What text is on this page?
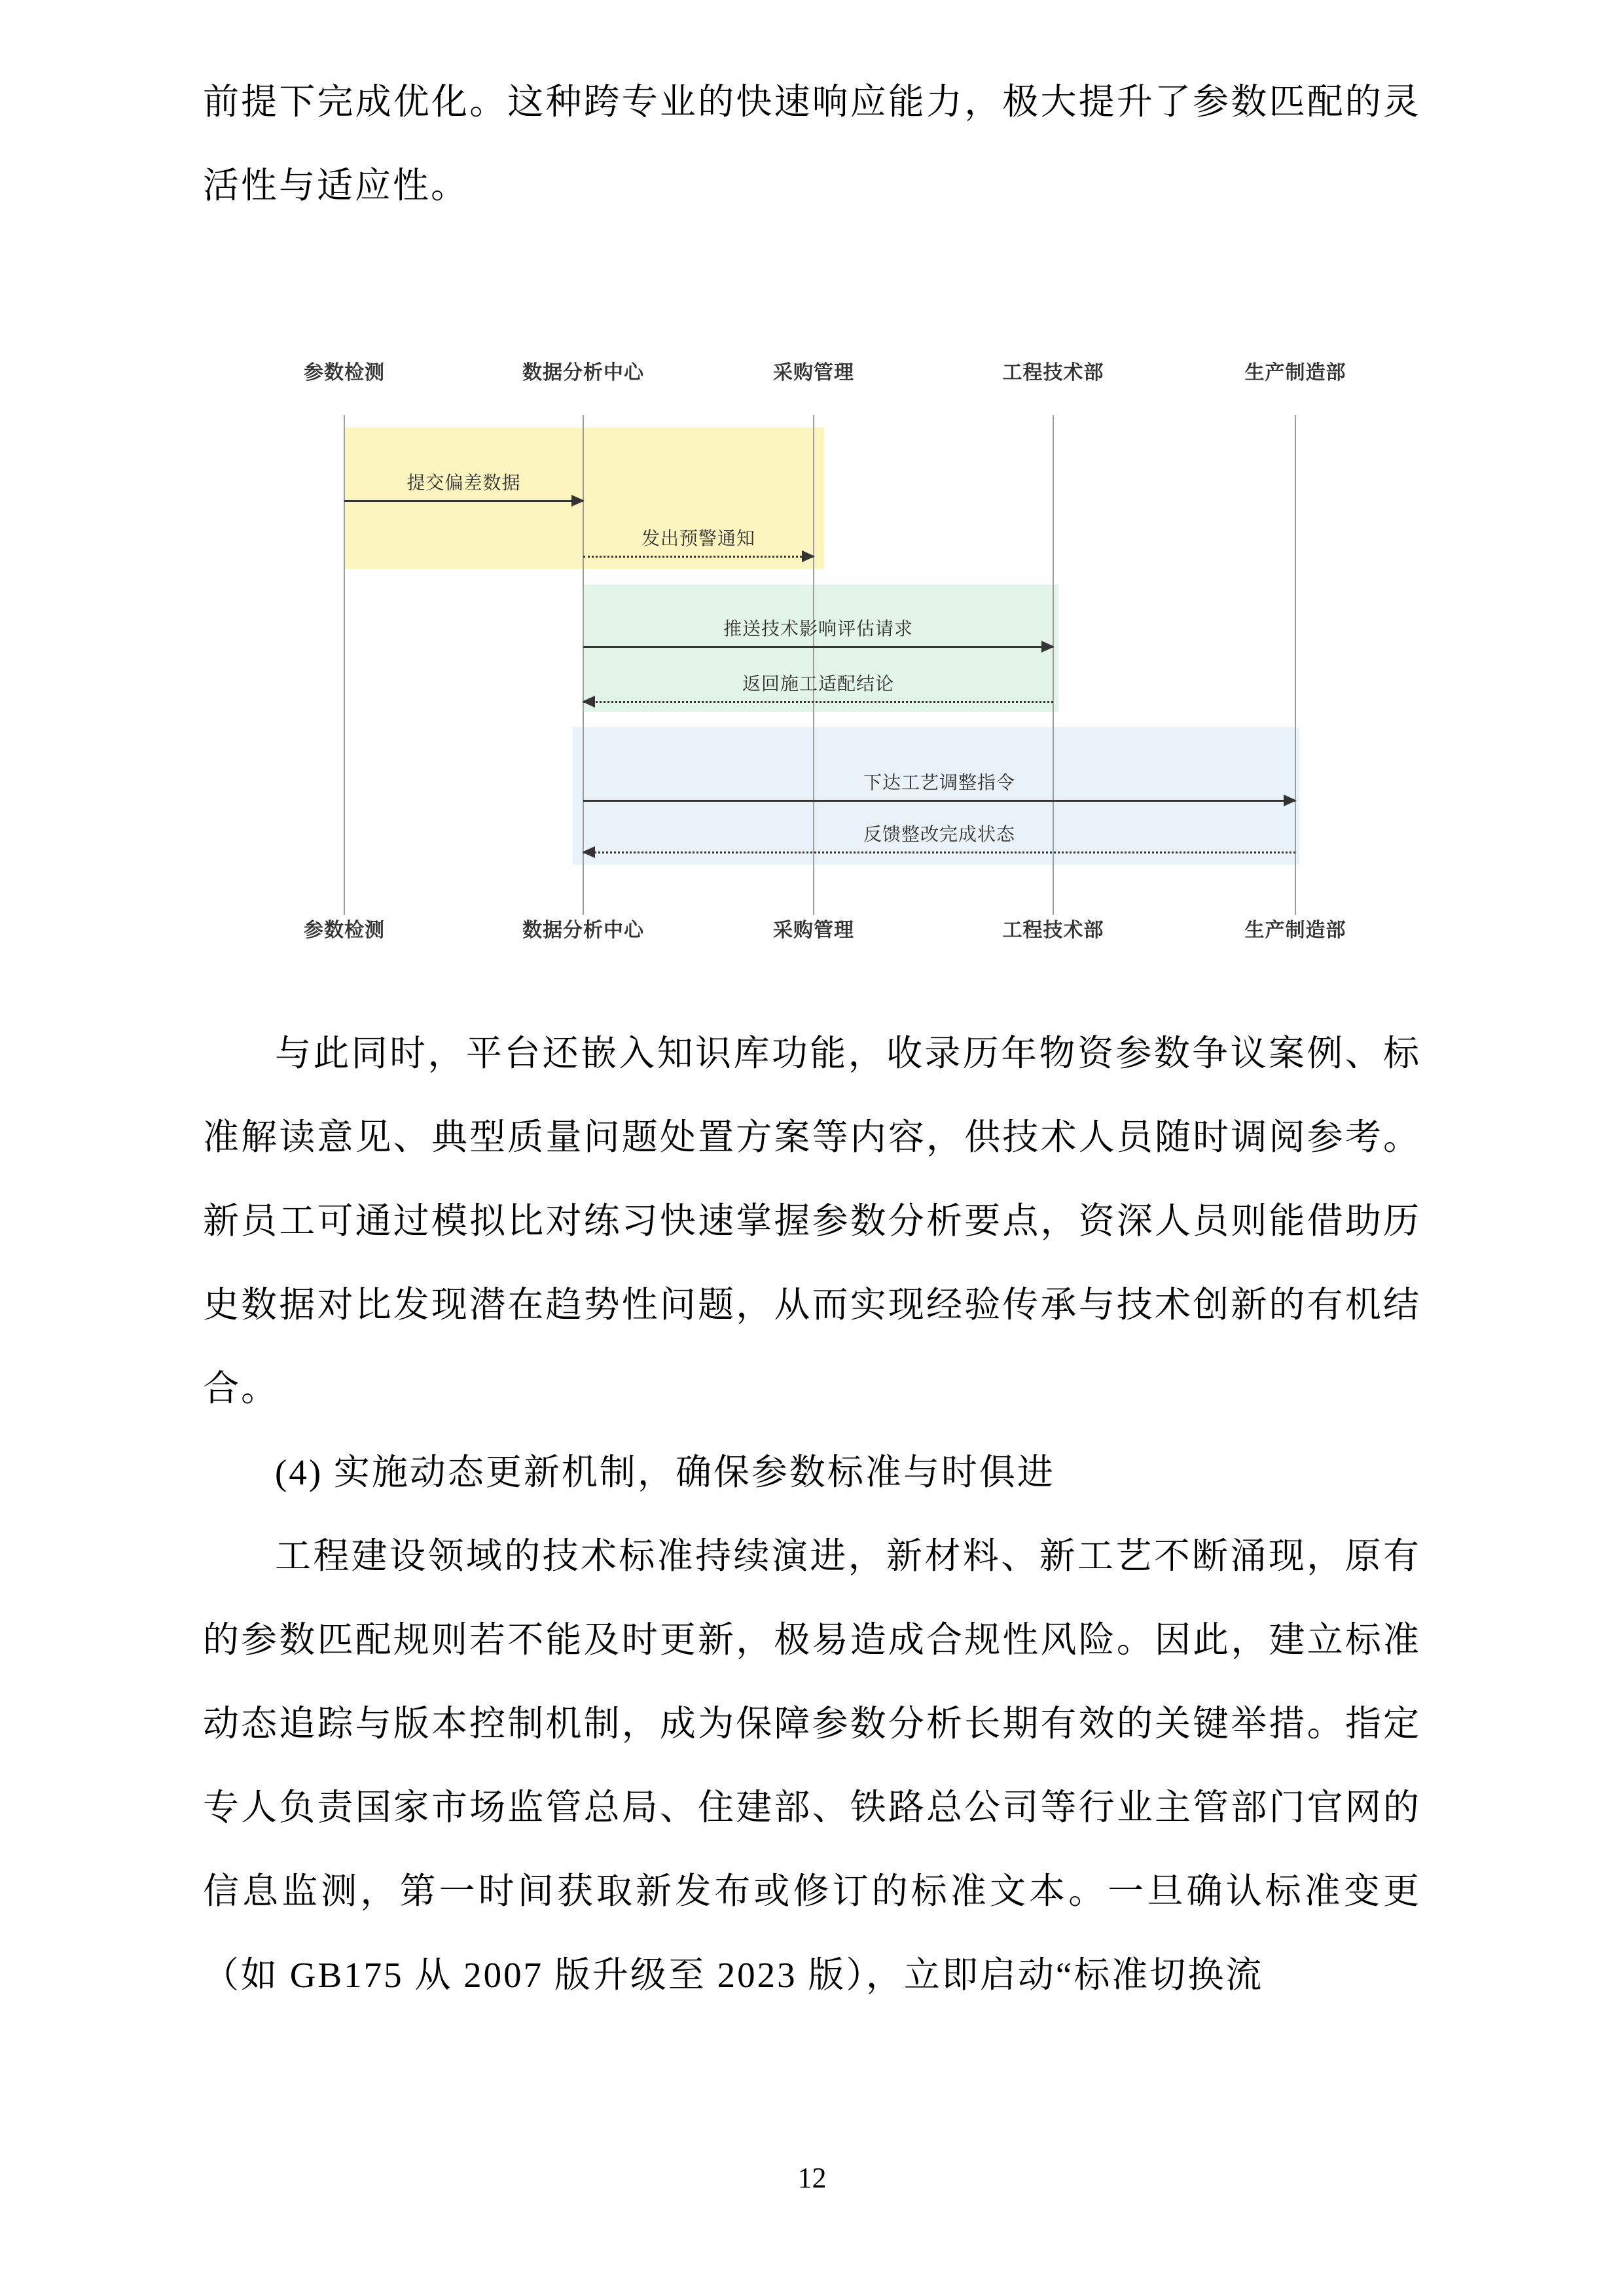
前提下完成优化。这种跨专业的快速响应能力，极大提升了参数匹配的灵活性与适应性。

参数检测	数据分析中心	采购管理	工程技术部	生产制造部
提交偏差数据
发出预警通知
推送技术影响评估请求
返回施工适配结论
下达工艺调整指令
反馈整改完成状态
参数检测	数据分析中心	采购管理	工程技术部	生产制造部

与此同时，平台还嵌入知识库功能，收录历年物资参数争议案例、标准解读意见、典型质量问题处置方案等内容，供技术人员随时调阅参考。新员工可通过模拟比对练习快速掌握参数分析要点，资深人员则能借助历史数据对比发现潜在趋势性问题，从而实现经验传承与技术创新的有机结合。

(4) 实施动态更新机制，确保参数标准与时俱进

工程建设领域的技术标准持续演进，新材料、新工艺不断涌现，原有的参数匹配规则若不能及时更新，极易造成合规性风险。因此，建立标准动态追踪与版本控制机制，成为保障参数分析长期有效的关键举措。指定专人负责国家市场监管总局、住建部、铁路总公司等行业主管部门官网的信息监测，第一时间获取新发布或修订的标准文本。一旦确认标准变更（如 GB175 从 2007 版升级至 2023 版），立即启动“标准切换流

12
